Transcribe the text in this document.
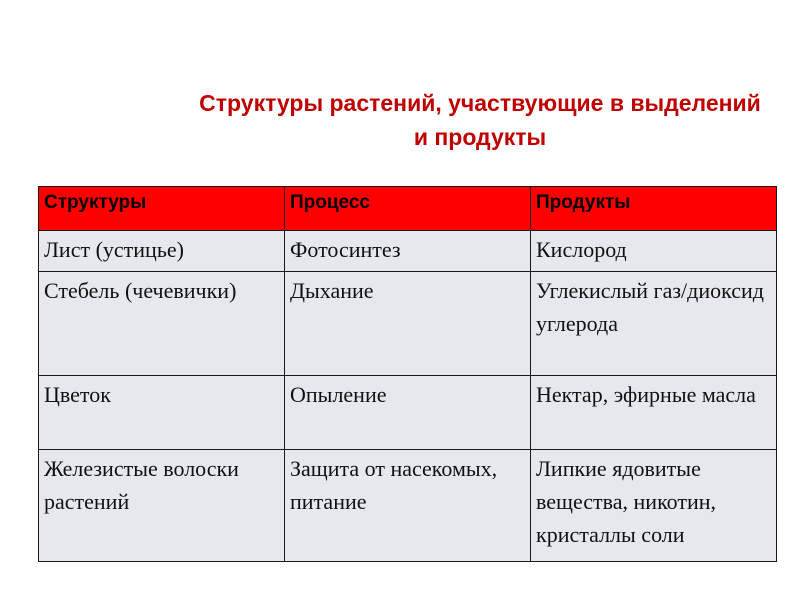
Структуры растений, участвующие в выделений и продукты
Структуры	Процесс	Продукты
Лист (устицье)	Фотосинтез	Кислород
Стебель (чечевички)	Дыхание	Углекислый газ/диоксид углерода
Цветок	Опыление	Нектар, эфирные масла
Железистые волоски растений	Защита от насекомых, питание	Липкие ядовитые вещества, никотин, кристаллы соли
